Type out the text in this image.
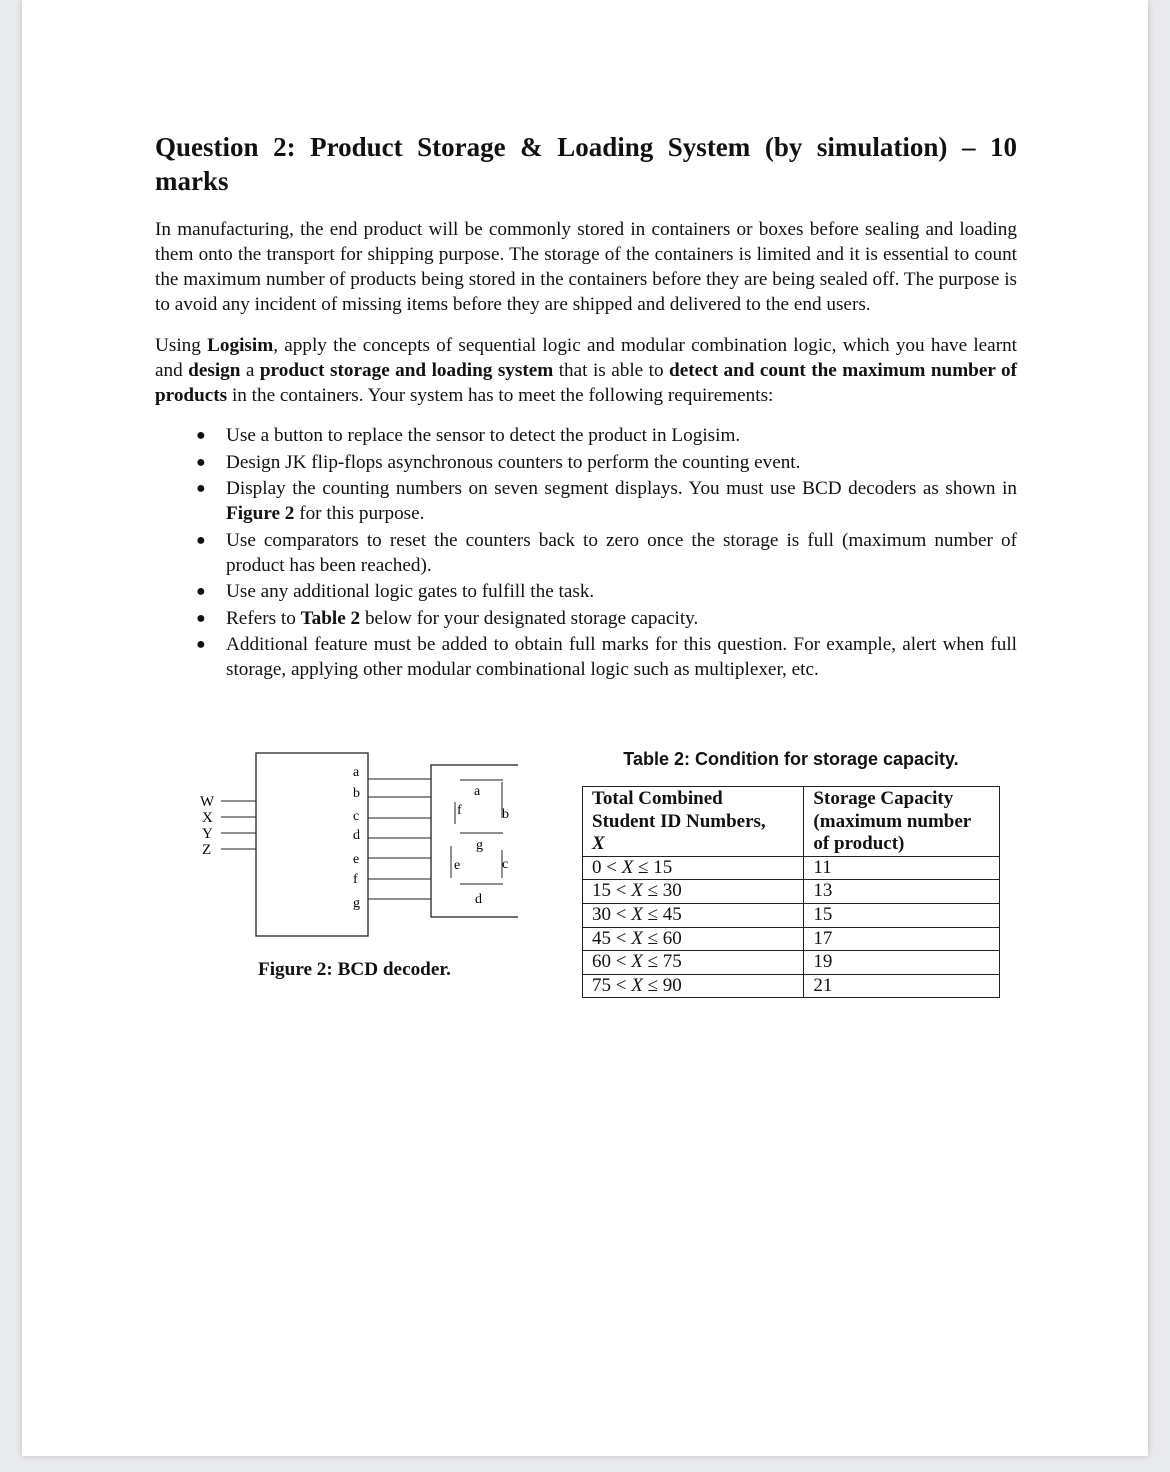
Question 2: Product Storage & Loading System (by simulation) – 10
marks

In manufacturing, the end product will be commonly stored in containers or boxes before sealing and loading them onto the transport for shipping purpose. The storage of the containers is limited and it is essential to count the maximum number of products being stored in the containers before they are being sealed off. The purpose is to avoid any incident of missing items before they are shipped and delivered to the end users.

Using Logisim, apply the concepts of sequential logic and modular combination logic, which you have learnt and design a product storage and loading system that is able to detect and count the maximum number of products in the containers. Your system has to meet the following requirements:

● Use a button to replace the sensor to detect the product in Logisim.
● Design JK flip-flops asynchronous counters to perform the counting event.
● Display the counting numbers on seven segment displays. You must use BCD decoders as shown in Figure 2 for this purpose.
● Use comparators to reset the counters back to zero once the storage is full (maximum number of product has been reached).
● Use any additional logic gates to fulfill the task.
● Refers to Table 2 below for your designated storage capacity.
● Additional feature must be added to obtain full marks for this question. For example, alert when full storage, applying other modular combinational logic such as multiplexer, etc.
W
X
Y
Z
a
b
c
d
e
f
g
a
b
c
d
e
f
g
Figure 2: BCD decoder.
Table 2: Condition for storage capacity.
Total Combined
Student ID Numbers,
X	Storage Capacity
(maximum number
of product)
0 < X ≤ 15	11
15 < X ≤ 30	13
30 < X ≤ 45	15
45 < X ≤ 60	17
60 < X ≤ 75	19
75 < X ≤ 90	21
